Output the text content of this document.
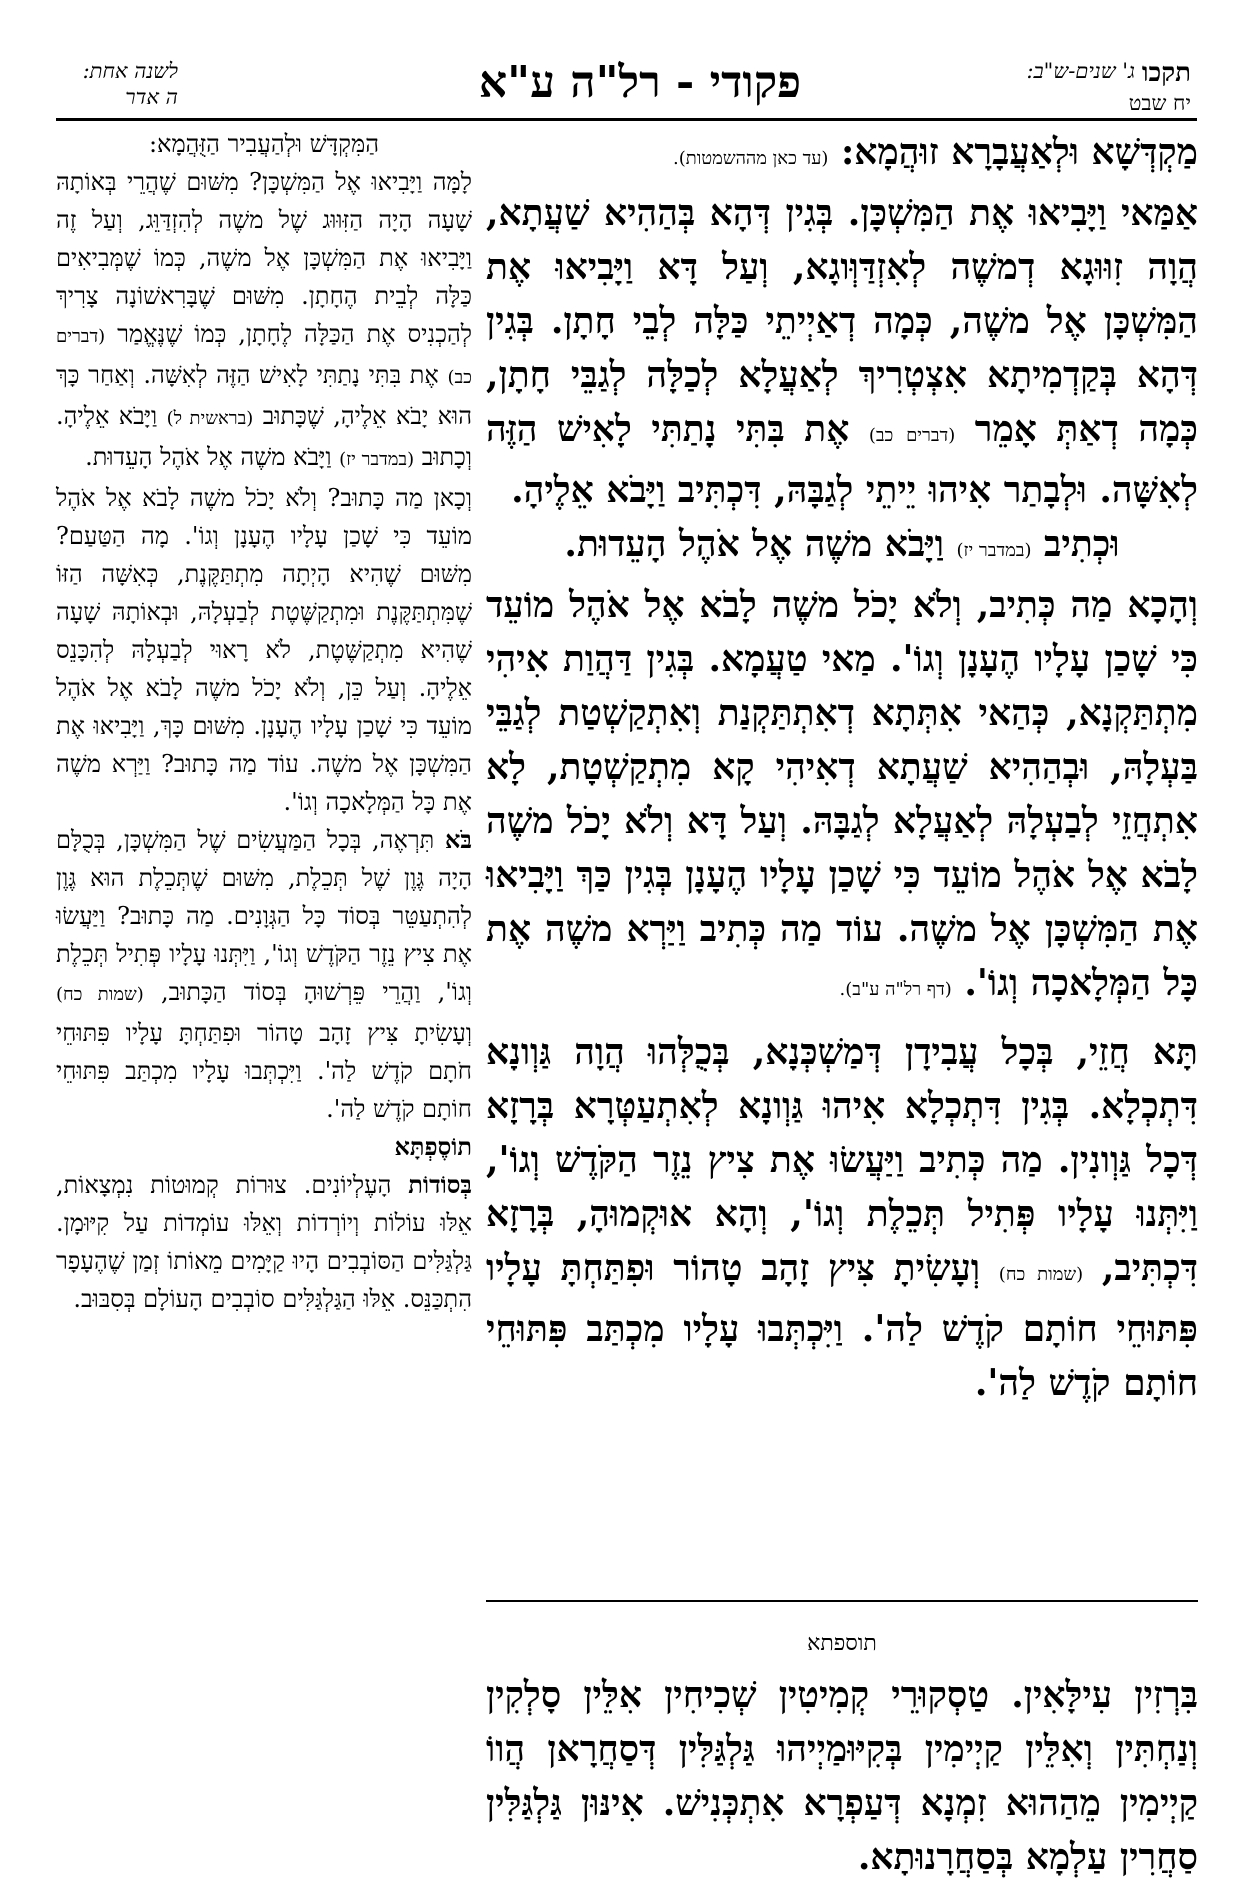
לשנה אחת:
ה אדר	פקודי - רל"ה ע"א	תקכו
ג' שנים-ש"ב:
יח שבט

מַקְדְּשָׁא וּלְאַעֲבָרָא זוּהֲמָא: (עד כאן מההשמטות).

אַמַּאי וַיָּבִיאוּ אֶת הַמִּשְׁכָּן. בְּגִין דְּהָא בְּהַהִיא שַׁעֲתָא, הֲוָה זִוּוּגָא דְמשֶׁה לְאִזְדַּוְּוגָא, וְעַל דָּא וַיָּבִיאוּ אֶת הַמִּשְׁכָּן אֶל משֶׁה, כְּמָה דְאַיְיתֵי כַּלָּה לְבֵי חָתָן. בְּגִין דְּהָא בְּקַדְמִיתָא אִצְטְרִיךְ לְאַעֲלָא לְכַלָּה לְגַבֵּי חָתָן, כְּמָה דְאַתְּ אָמֵר (דברים כב) אֶת בִּתִּי נָתַתִּי לָאִישׁ הַזֶּה לְאִשָּׁה. וּלְבָתַר אִיהוּ יֵיתֵי לְגַבָּהּ, דִּכְתִּיב וַיָּבֹא אֵלֶיהָ.

וּכְתִיב (במדבר יז) וַיָּבֹא משֶׁה אֶל אֹהֶל הָעֵדוּת.

וְהָכָא מַה כְּתִיב, וְלֹא יָכֹל משֶׁה לָבֹא אֶל אֹהֶל מוֹעֵד כִּי שָׁכַן עָלָיו הֶעָנָן וְגוֹ'. מַאי טַעֲמָא. בְּגִין דַּהֲוַת אִיהִי מִתְתַּקְנָא, כְּהַאי אִתְּתָא דְאִתְתַּקְנַת וְאִתְקַשְׁטַת לְגַבֵּי בַּעְלָהּ, וּבְהַהִיא שַׁעֲתָא דְאִיהִי קָא מִתְקַשְׁטָת, לָא אִתְחֲזֵי לְבַעְלָהּ לְאַעֲלָא לְגַבָּהּ. וְעַל דָּא וְלֹא יָכֹל משֶׁה לָבֹא אֶל אֹהֶל מוֹעֵד כִּי שָׁכַן עָלָיו הֶעָנָן בְּגִין כַּךְ וַיָּבִיאוּ אֶת הַמִּשְׁכָּן אֶל משֶׁה. עוֹד מַה כְּתִיב וַיַּרְא משֶׁה אֶת כָּל הַמְּלָאכָה וְגוֹ'. (דף רל"ה ע"ב).

תָּא חֲזֵי, בְּכָל עֲבִידָן דְּמַשְׁכְּנָא, בְּכֻלְּהוּ הֲוָה גַּוְונָא דִּתְכְלָא. בְּגִין דִּתְכְלָא אִיהוּ גַּוְונָא לְאִתְעַטְּרָא בְּרָזָא דְּכָל גַּוְונִין. מַה כְּתִיב וַיַּעֲשׂוּ אֶת צִיץ נֵזֶר הַקֹּדֶשׁ וְגוֹ', וַיִּתְּנוּ עָלָיו פְּתִיל תְּכֵלֶת וְגוֹ', וְהָא אוּקְמוּהָ, בְּרָזָא דִּכְתִּיב, (שמות כח) וְעָשִׂיתָ צִּיץ זָהָב טָהוֹר וּפִתַּחְתָּ עָלָיו פִּתּוּחֵי חוֹתָם קֹדֶשׁ לַה'. וַיִּכְתְּבוּ עָלָיו מִכְתַּב פִּתּוּחֵי חוֹתָם קֹדֶשׁ לַה'.

תוספתא

בִּרְזִין עִילָּאִין. טַסְקוּרֵי קְמִיטִין שְׁכִיחִין אִלֵּין סָלְקִין וְנַחְתִּין וְאִלֵּין קַיְימִין בְּקִיּוּמַיְיהוּ גַּלְגַּלִּין דְּסַחֲרָאן הֲווֹ קַיְימִין מֵהַהוּא זִמְנָא דְּעַפְרָא אִתְכְּנִישׁ. אִינּוּן גַּלְגַּלִּין סַחֲרִין עַלְמָא בְּסַחֲרָנוּתָא.

הַמִּקְדָּשׁ וּלְהַעֲבִיר הַזֻּהֲמָא:

לָמָּה וַיָּבִיאוּ אֶל הַמִּשְׁכָּן? מִשּׁוּם שֶׁהֲרֵי בְּאוֹתָהּ שָׁעָה הָיָה הַזִּוּוּג שֶׁל משֶׁה לְהִזְדַּוֵּג, וְעַל זֶה וַיָּבִיאוּ אֶת הַמִּשְׁכָּן אֶל משֶׁה, כְּמוֹ שֶׁמְּבִיאִים כַּלָּה לְבֵית הֶחָתָן. מִשּׁוּם שֶׁבָּרִאשׁוֹנָה צָרִיךְ לְהַכְנִיס אֶת הַכַּלָּה לֶחָתָן, כְּמוֹ שֶׁנֶּאֱמַר (דברים כב) אֶת בִּתִּי נָתַתִּי לָאִישׁ הַזֶּה לְאִשָּׁה. וְאַחַר כָּךְ הוּא יָבֹא אֵלֶיהָ, שֶׁכָּתוּב (בראשית ל) וַיָּבֹא אֵלֶיהָ. וְכָתוּב (במדבר יז) וַיָּבֹא משֶׁה אֶל אֹהֶל הָעֵדוּת.

וְכָאן מַה כָּתוּב? וְלֹא יָכֹל משֶׁה לָבֹא אֶל אֹהֶל מוֹעֵד כִּי שָׁכַן עָלָיו הֶעָנָן וְגוֹ'. מָה הַטַּעַם? מִשּׁוּם שֶׁהִיא הָיְתָה מִתְתַּקֶּנֶת, כְּאִשָּׁה הַזּוֹ שֶׁמִּתְתַּקֶּנֶת וּמִתְקַשֶּׁטֶת לְבַעְלָהּ, וּבְאוֹתָהּ שָׁעָה שֶׁהִיא מִתְקַשֶּׁטֶת, לֹא רָאוּי לְבַעְלָהּ לְהִכָּנֵס אֵלֶיהָ. וְעַל כֵּן, וְלֹא יָכֹל משֶׁה לָבֹא אֶל אֹהֶל מוֹעֵד כִּי שָׁכַן עָלָיו הֶעָנָן. מִשּׁוּם כָּךְ, וַיָּבִיאוּ אֶת הַמִּשְׁכָּן אֶל משֶׁה. עוֹד מַה כָּתוּב? וַיַּרְא משֶׁה אֶת כָּל הַמְּלָאכָה וְגוֹ'.

בֹּא תִּרְאֶה, בְּכָל הַמַּעֲשִׂים שֶׁל הַמִּשְׁכָּן, בְּכֻלָּם הָיָה גֶּוֶן שֶׁל תְּכֵלֶת, מִשּׁוּם שֶׁתְּכֵלֶת הוּא גֶּוֶן לְהִתְעַטֵּר בְּסוֹד כָּל הַגְּוָנִים. מַה כָּתוּב? וַיַּעֲשׂוּ אֶת צִיץ נֵזֶר הַקֹּדֶשׁ וְגוֹ', וַיִּתְּנוּ עָלָיו פְּתִיל תְּכֵלֶת וְגוֹ', וַהֲרֵי פֵּרְשׁוּהָ בְּסוֹד הַכָּתוּב, (שמות כח) וְעָשִׂיתָ צִּיץ זָהָב טָהוֹר וּפִתַּחְתָּ עָלָיו פִּתּוּחֵי חֹתָם קֹדֶשׁ לַה'. וַיִּכְתְּבוּ עָלָיו מִכְתַּב פִּתּוּחֵי חוֹתָם קֹדֶשׁ לַה'.

תוֹסֶפְתָּא

בְּסוֹדוֹת הָעֶלְיוֹנִים. צוּרוֹת קְמוּטוֹת נִמְצָאוֹת, אֵלּוּ עוֹלוֹת וְיוֹרְדוֹת וְאֵלּוּ עוֹמְדוֹת עַל קִיּוּמָן. גַּלְגַּלִּים הַסּוֹבְבִים הָיוּ קַיָּמִים מֵאוֹתוֹ זְמַן שֶׁהֶעָפָר הִתְכַּנֵּס. אֵלּוּ הַגַּלְגַּלִּים סוֹבְבִים הָעוֹלָם בְּסִבּוּב.
